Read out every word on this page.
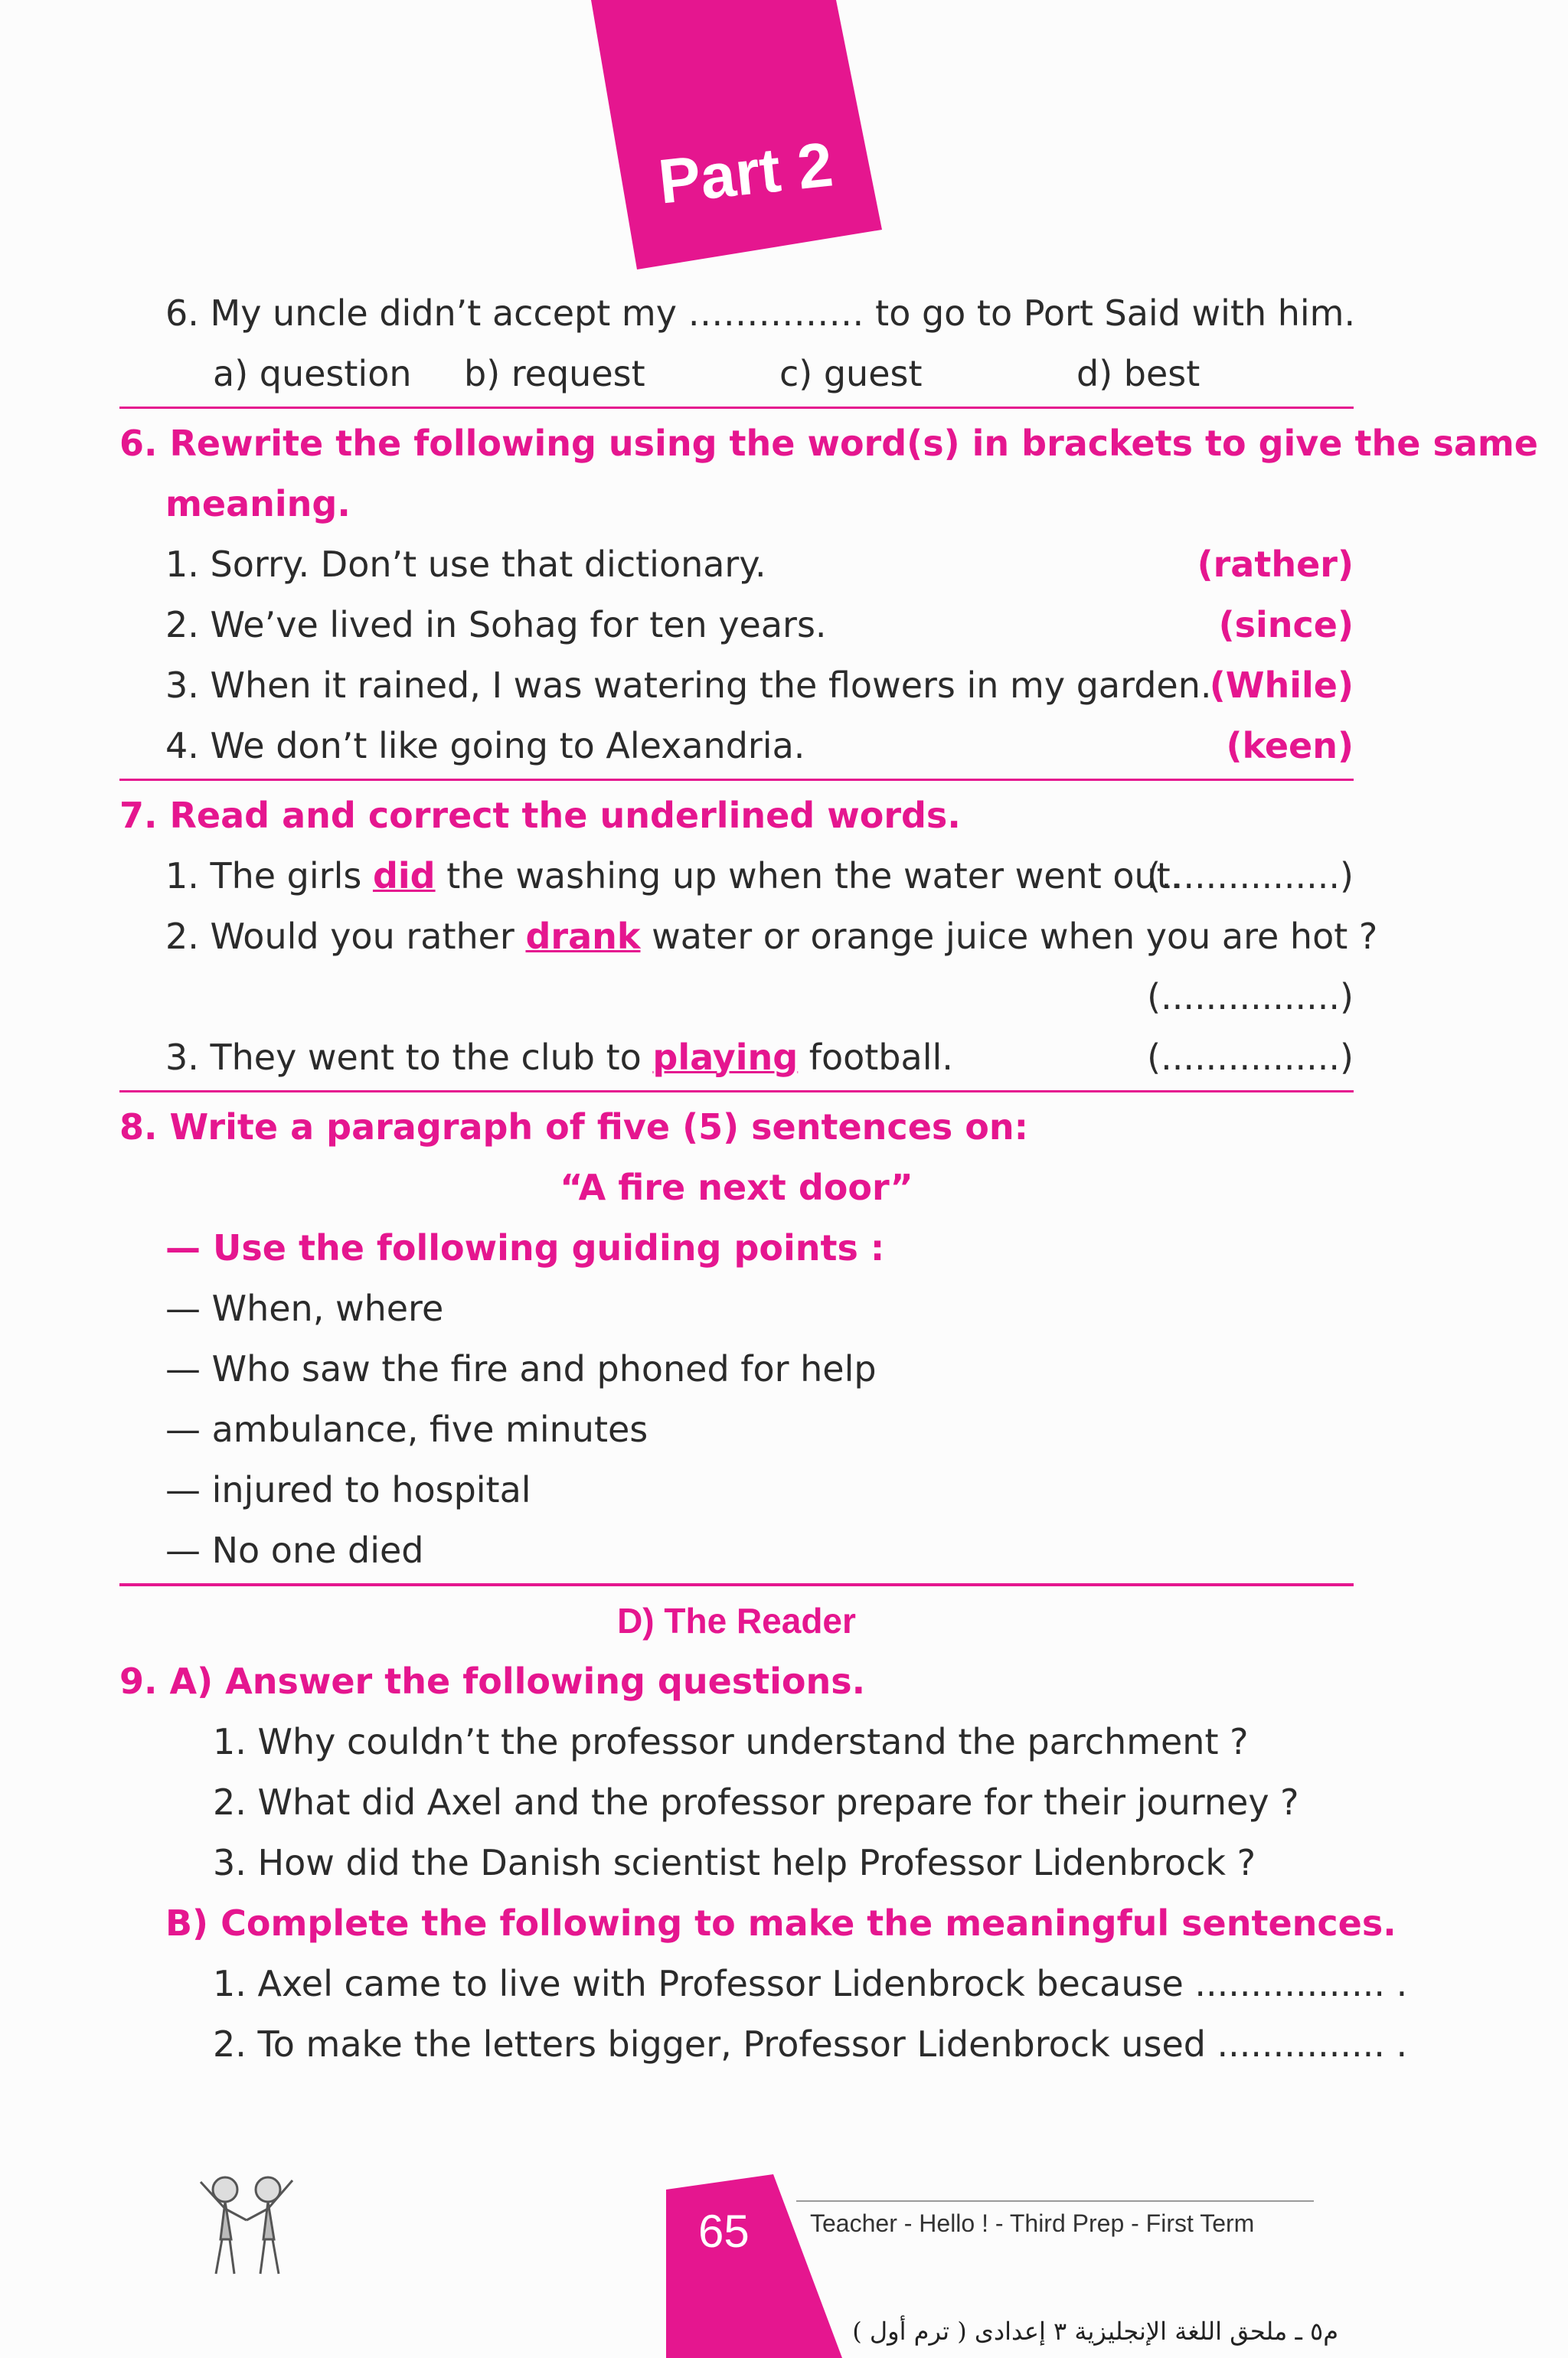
Part 2
6. My uncle didn’t accept my …………… to go to Port Said with him.
a) question b) request	c) guest	d) best
6. Rewrite the following using the word(s) in brackets to give the same
meaning.
1. Sorry. Don’t use that dictionary.	(rather)
2. We’ve lived in Sohag for ten years.	(since)
3. When it rained, I was watering the flowers in my garden.
(While)
4. We don’t like going to Alexandria.	(keen)
7. Read and correct the underlined words.
1. The girls did the washing up when the water went out.
(................)
2. Would you rather drank water or orange juice when you are hot ?
(................)
3. They went to the club to playing football.	(................)
8. Write a paragraph of five (5) sentences on:
“A fire next door”
— Use the following guiding points :
— When, where
— Who saw the fire and phoned for help
— ambulance, five minutes
— injured to hospital
— No one died
D) The Reader
9. A) Answer the following questions.
1. Why couldn’t the professor understand the parchment ?
2. What did Axel and the professor prepare for their journey ?
3. How did the Danish scientist help Professor Lidenbrock ?
B) Complete the following to make the meaningful sentences.
1. Axel came to live with Professor Lidenbrock because ................. .
2. To make the letters bigger, Professor Lidenbrock used ............... .
65 Teacher - Hello ! - Third Prep - First Term
م٥ ـ ملحق اللغة الإنجليزية ٣ إعدادى ( ترم أول )
